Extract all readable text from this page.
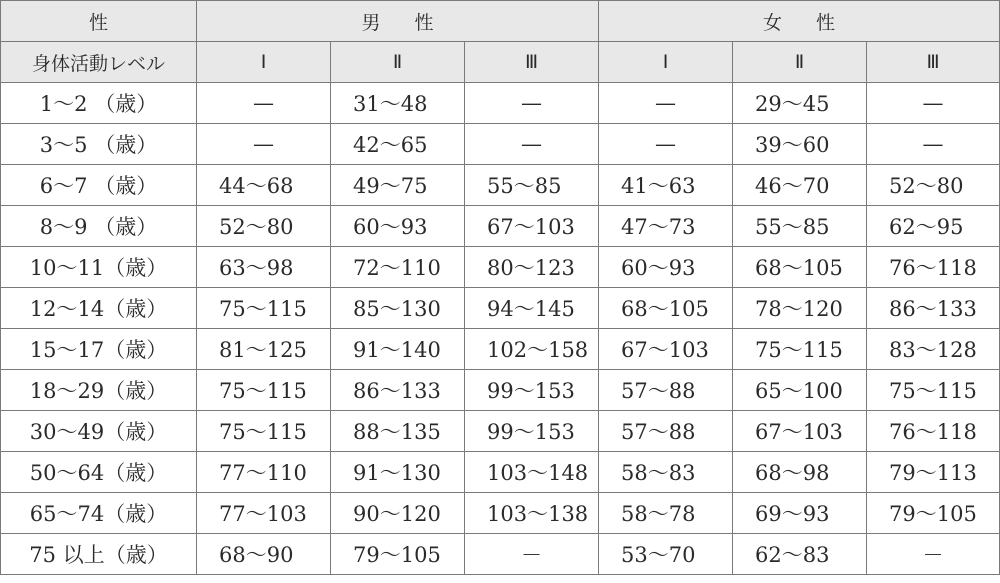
性	男 性			女 性		
身体活動レベル	Ⅰ	Ⅱ	Ⅲ	Ⅰ	Ⅱ	Ⅲ
1～2 （歳）	—	31～48	—	—	29～45	—
3～5 （歳）	—	42～65	—	—	39～60	—
6～7 （歳）	44～68	49～75	55～85	41～63	46～70	52～80
8～9 （歳）	52～80	60～93	67～103	47～73	55～85	62～95
10～11（歳）	63～98	72～110	80～123	60～93	68～105	76～118
12～14（歳）	75～115	85～130	94～145	68～105	78～120	86～133
15～17（歳）	81～125	91～140	102～158	67～103	75～115	83～128
18～29（歳）	75～115	86～133	99～153	57～88	65～100	75～115
30～49（歳）	75～115	88～135	99～153	57～88	67～103	76～118
50～64（歳）	77～110	91～130	103～148	58～83	68～98	79～113
65～74（歳）	77～103	90～120	103～138	58～78	69～93	79～105
75 以上（歳）	68～90	79～105	－	53～70	62～83	－
